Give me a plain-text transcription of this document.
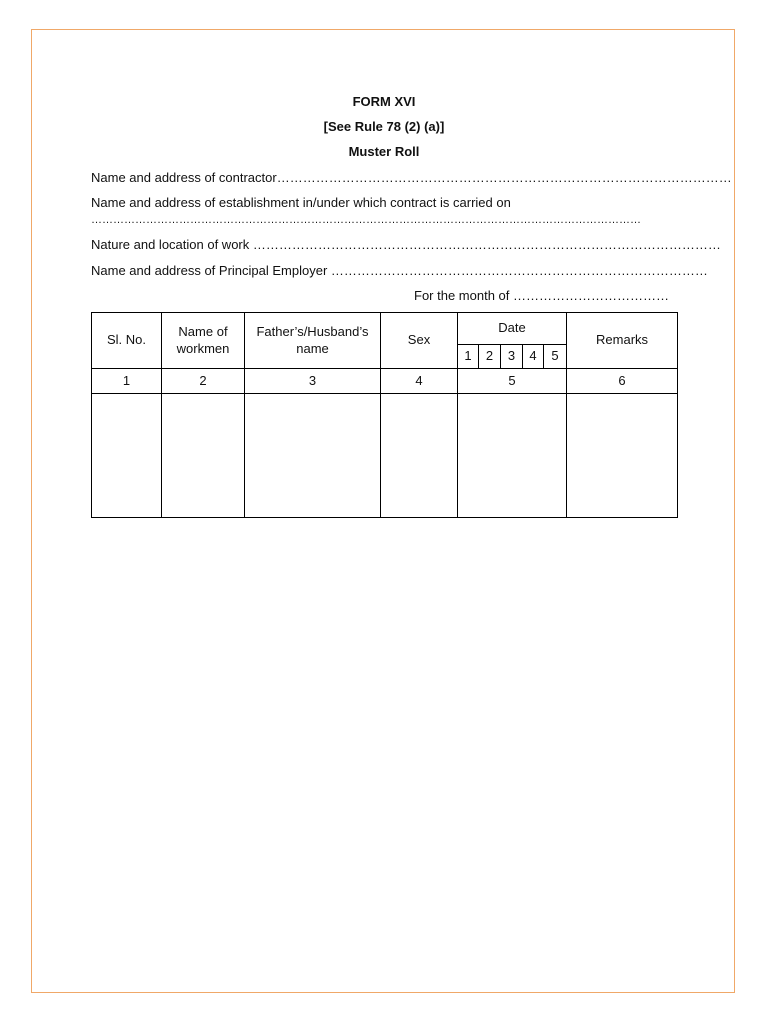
FORM XVI
[See Rule 78 (2) (a)]
Muster Roll
Name and address of contractor……………………………………………………………………………………………
Name and address of establishment in/under which contract is carried on
……………………………………………………………………………………………………………………………………
Nature and location of work ………………………………………………………………………………………………
Name and address of Principal Employer ……………………………………………………………………………
For the month of ………………………………
Sl. No.	Name of workmen	Father’s/Husband’s name	Sex	Date					Remarks
				1	2	3	4	5	
1	2	3	4	5					6
